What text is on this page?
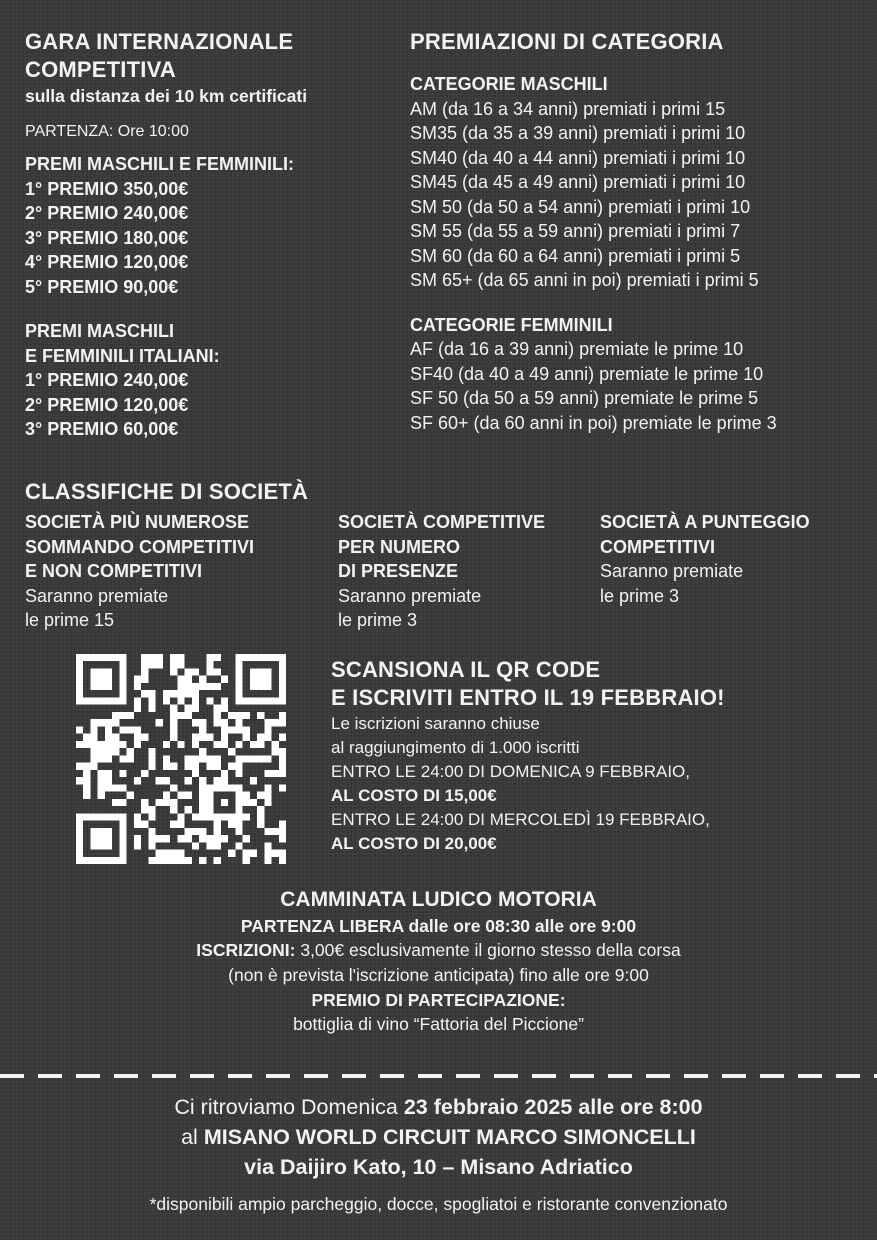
GARA INTERNAZIONALE
COMPETITIVA
sulla distanza dei 10 km certificati
PARTENZA: Ore 10:00
PREMI MASCHILI E FEMMINILI:
1° PREMIO 350,00€
2° PREMIO 240,00€
3° PREMIO 180,00€
4° PREMIO 120,00€
5° PREMIO 90,00€
PREMI MASCHILI
E FEMMINILI ITALIANI:
1° PREMIO 240,00€
2° PREMIO 120,00€
3° PREMIO 60,00€
PREMIAZIONI DI CATEGORIA
CATEGORIE MASCHILI
AM (da 16 a 34 anni) premiati i primi 15
SM35 (da 35 a 39 anni) premiati i primi 10
SM40 (da 40 a 44 anni) premiati i primi 10
SM45 (da 45 a 49 anni) premiati i primi 10
SM 50 (da 50 a 54 anni) premiati i primi 10
SM 55 (da 55 a 59 anni) premiati i primi 7
SM 60 (da 60 a 64 anni) premiati i primi 5
SM 65+ (da 65 anni in poi) premiati i primi 5
CATEGORIE FEMMINILI
AF (da 16 a 39 anni) premiate le prime 10
SF40 (da 40 a 49 anni) premiate le prime 10
SF 50 (da 50 a 59 anni) premiate le prime 5
SF 60+ (da 60 anni in poi) premiate le prime 3
CLASSIFICHE DI SOCIETÀ
SOCIETÀ PIÙ NUMEROSE
SOMMANDO COMPETITIVI
E NON COMPETITIVI
Saranno premiate
le prime 15
SOCIETÀ COMPETITIVE
PER NUMERO
DI PRESENZE
Saranno premiate
le prime 3
SOCIETÀ A PUNTEGGIO
COMPETITIVI
Saranno premiate
le prime 3
SCANSIONA IL QR CODE
E ISCRIVITI ENTRO IL 19 FEBBRAIO!
Le iscrizioni saranno chiuse
al raggiungimento di 1.000 iscritti
ENTRO LE 24:00 DI DOMENICA 9 FEBBRAIO,
AL COSTO DI 15,00€
ENTRO LE 24:00 DI MERCOLEDÌ 19 FEBBRAIO,
AL COSTO DI 20,00€
CAMMINATA LUDICO MOTORIA
PARTENZA LIBERA dalle ore 08:30 alle ore 9:00
ISCRIZIONI: 3,00€ esclusivamente il giorno stesso della corsa
(non è prevista l'iscrizione anticipata) fino alle ore 9:00
PREMIO DI PARTECIPAZIONE:
bottiglia di vino “Fattoria del Piccione”
Ci ritroviamo Domenica 23 febbraio 2025 alle ore 8:00
al MISANO WORLD CIRCUIT MARCO SIMONCELLI
via Daijiro Kato, 10 – Misano Adriatico
*disponibili ampio parcheggio, docce, spogliatoi e ristorante convenzionato
